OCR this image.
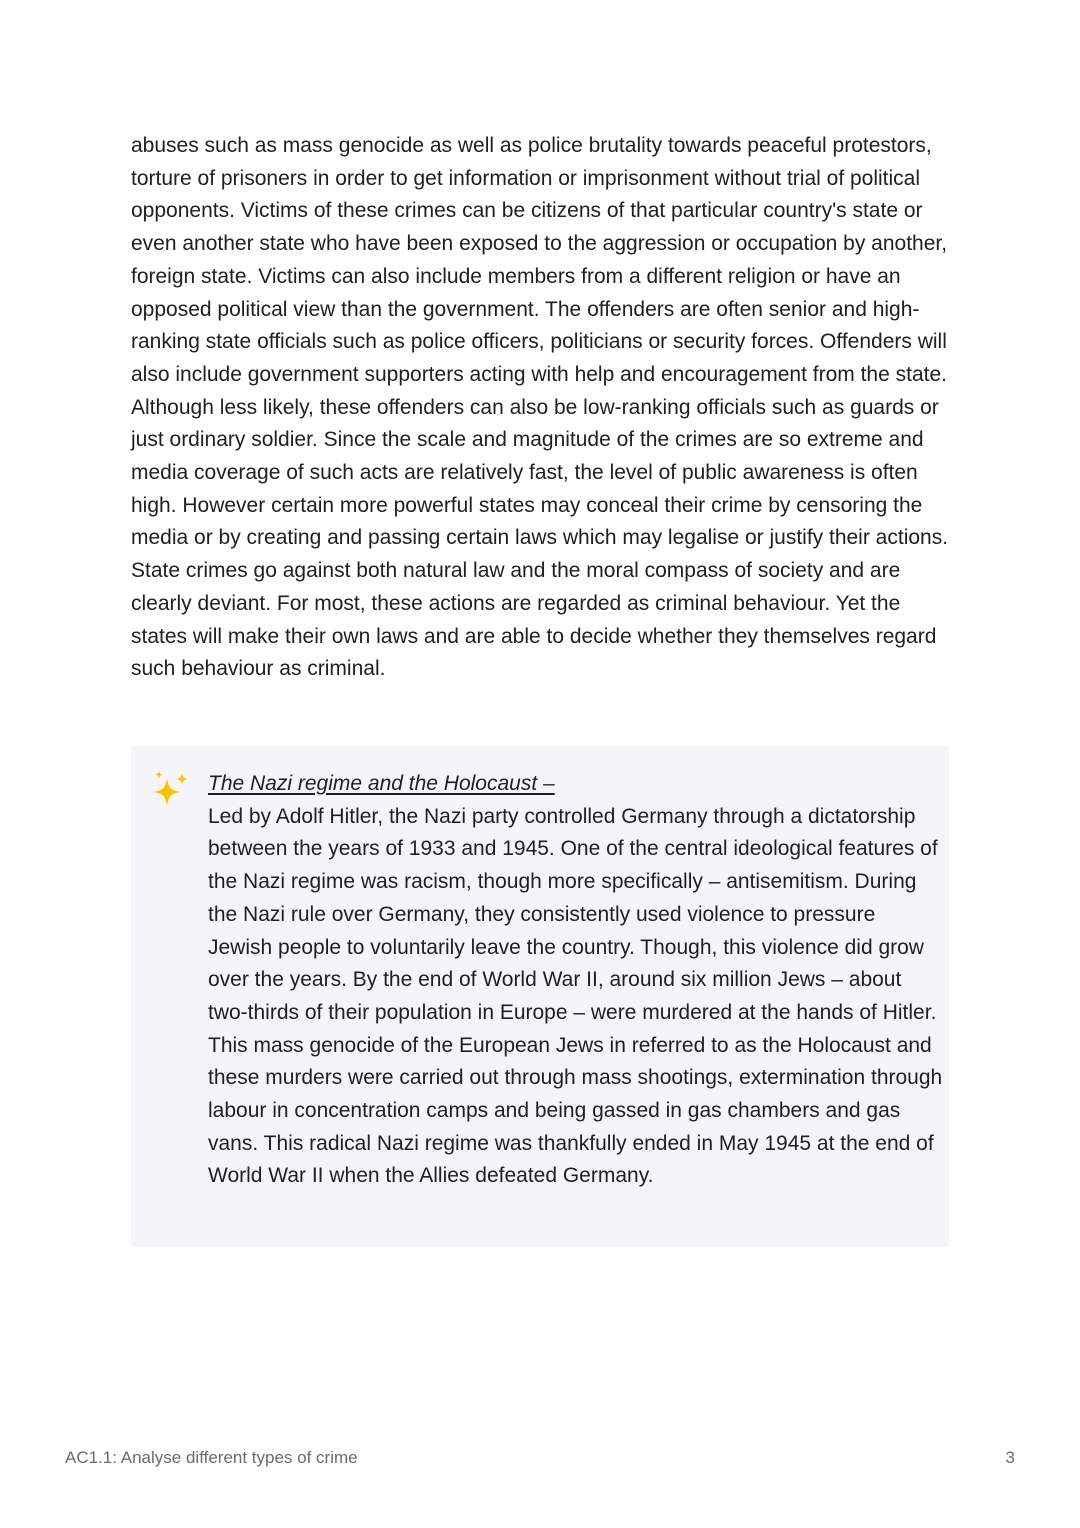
abuses such as mass genocide as well as police brutality towards peaceful protestors, torture of prisoners in order to get information or imprisonment without trial of political opponents. Victims of these crimes can be citizens of that particular country's state or even another state who have been exposed to the aggression or occupation by another, foreign state. Victims can also include members from a different religion or have an opposed political view than the government. The offenders are often senior and high-ranking state officials such as police officers, politicians or security forces. Offenders will also include government supporters acting with help and encouragement from the state. Although less likely, these offenders can also be low-ranking officials such as guards or just ordinary soldier. Since the scale and magnitude of the crimes are so extreme and media coverage of such acts are relatively fast, the level of public awareness is often high. However certain more powerful states may conceal their crime by censoring the media or by creating and passing certain laws which may legalise or justify their actions. State crimes go against both natural law and the moral compass of society and are clearly deviant. For most, these actions are regarded as criminal behaviour. Yet the states will make their own laws and are able to decide whether they themselves regard such behaviour as criminal.

The Nazi regime and the Holocaust –

Led by Adolf Hitler, the Nazi party controlled Germany through a dictatorship between the years of 1933 and 1945. One of the central ideological features of the Nazi regime was racism, though more specifically – antisemitism. During the Nazi rule over Germany, they consistently used violence to pressure Jewish people to voluntarily leave the country. Though, this violence did grow over the years. By the end of World War II, around six million Jews – about two-thirds of their population in Europe – were murdered at the hands of Hitler. This mass genocide of the European Jews in referred to as the Holocaust and these murders were carried out through mass shootings, extermination through labour in concentration camps and being gassed in gas chambers and gas vans. This radical Nazi regime was thankfully ended in May 1945 at the end of World War II when the Allies defeated Germany.

AC1.1: Analyse different types of crime	3
